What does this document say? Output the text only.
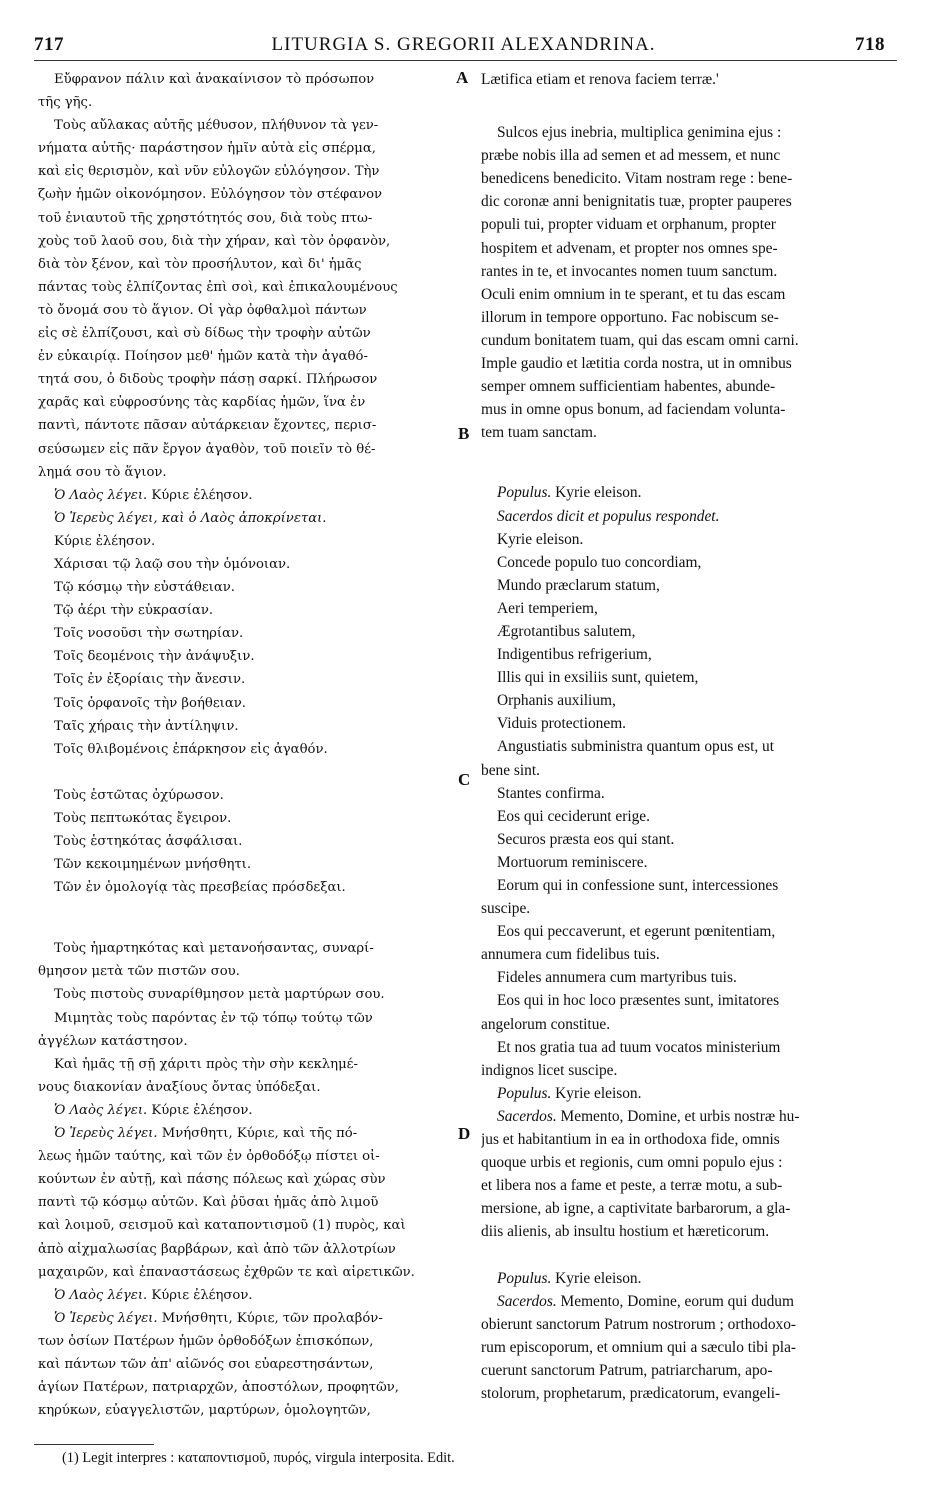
717	LITURGIA S. GREGORII ALEXANDRINA.	718
A
B
C
D
Εὔφρανον πάλιν καὶ ἀνακαίνισον τὸ πρόσωπον
τῆς γῆς.
Τοὺς αὔλακας αὐτῆς μέθυσον, πλήθυνον τὰ γεν-
νήματα αὐτῆς· παράστησον ἡμῖν αὐτὰ εἰς σπέρμα,
καὶ εἰς θερισμὸν, καὶ νῦν εὐλογῶν εὐλόγησον. Τὴν
ζωὴν ἡμῶν οἰκονόμησον. Εὐλόγησον τὸν στέφανον
τοῦ ἐνιαυτοῦ τῆς χρηστότητός σου, διὰ τοὺς πτω-
χοὺς τοῦ λαοῦ σου, διὰ τὴν χήραν, καὶ τὸν ὀρφανὸν,
διὰ τὸν ξένον, καὶ τὸν προσήλυτον, καὶ δι' ἡμᾶς
πάντας τοὺς ἐλπίζοντας ἐπὶ σοὶ, καὶ ἐπικαλουμένους
τὸ ὄνομά σου τὸ ἅγιον. Οἱ γὰρ ὀφθαλμοὶ πάντων
εἰς σὲ ἐλπίζουσι, καὶ σὺ δίδως τὴν τροφὴν αὐτῶν
ἐν εὐκαιρίᾳ. Ποίησον μεθ' ἡμῶν κατὰ τὴν ἀγαθό-
τητά σου, ὁ διδοὺς τροφὴν πάσῃ σαρκί. Πλήρωσον
χαρᾶς καὶ εὐφροσύνης τὰς καρδίας ἡμῶν, ἵνα ἐν
παντὶ, πάντοτε πᾶσαν αὐτάρκειαν ἔχοντες, περισ-
σεύσωμεν εἰς πᾶν ἔργον ἀγαθὸν, τοῦ ποιεῖν τὸ θέ-
λημά σου τὸ ἅγιον.
Ὁ Λαὸς λέγει. Κύριε ἐλέησον.
Ὁ Ἱερεὺς λέγει, καὶ ὁ Λαὸς ἀποκρίνεται.
Κύριε ἐλέησον.
Χάρισαι τῷ λαῷ σου τὴν ὁμόνοιαν.
Τῷ κόσμῳ τὴν εὐστάθειαν.
Τῷ ἀέρι τὴν εὐκρασίαν.
Τοῖς νοσοῦσι τὴν σωτηρίαν.
Τοῖς δεομένοις τὴν ἀνάψυξιν.
Τοῖς ἐν ἐξορίαις τὴν ἄνεσιν.
Τοῖς ὀρφανοῖς τὴν βοήθειαν.
Ταῖς χήραις τὴν ἀντίληψιν.
Τοῖς θλιβομένοις ἐπάρκησον εἰς ἀγαθόν.
Τοὺς ἑστῶτας ὀχύρωσον.
Τοὺς πεπτωκότας ἔγειρον.
Τοὺς ἑστηκότας ἀσφάλισαι.
Τῶν κεκοιμημένων μνήσθητι.
Τῶν ἐν ὁμολογίᾳ τὰς πρεσβείας πρόσδεξαι.
Τοὺς ἡμαρτηκότας καὶ μετανοήσαντας, συναρί-
θμησον μετὰ τῶν πιστῶν σου.
Τοὺς πιστοὺς συναρίθμησον μετὰ μαρτύρων σου.
Μιμητὰς τοὺς παρόντας ἐν τῷ τόπῳ τούτῳ τῶν
ἀγγέλων κατάστησον.
Καὶ ἡμᾶς τῇ σῇ χάριτι πρὸς τὴν σὴν κεκλημέ-
νους διακονίαν ἀναξίους ὄντας ὑπόδεξαι.
Ὁ Λαὸς λέγει. Κύριε ἐλέησον.
Ὁ Ἱερεὺς λέγει. Μνήσθητι, Κύριε, καὶ τῆς πό-
λεως ἡμῶν ταύτης, καὶ τῶν ἐν ὀρθοδόξῳ πίστει οἰ-
κούντων ἐν αὐτῇ, καὶ πάσης πόλεως καὶ χώρας σὺν
παντὶ τῷ κόσμῳ αὐτῶν. Καὶ ῥῦσαι ἡμᾶς ἀπὸ λιμοῦ
καὶ λοιμοῦ, σεισμοῦ καὶ καταποντισμοῦ (1) πυρὸς, καὶ
ἀπὸ αἰχμαλωσίας βαρβάρων, καὶ ἀπὸ τῶν ἀλλοτρίων
μαχαιρῶν, καὶ ἐπαναστάσεως ἐχθρῶν τε καὶ αἱρετικῶν.
Ὁ Λαὸς λέγει. Κύριε ἐλέησον.
Ὁ Ἱερεὺς λέγει. Μνήσθητι, Κύριε, τῶν προλαβόν-
των ὁσίων Πατέρων ἡμῶν ὀρθοδόξων ἐπισκόπων,
καὶ πάντων τῶν ἀπ' αἰῶνός σοι εὐαρεστησάντων,
ἁγίων Πατέρων, πατριαρχῶν, ἀποστόλων, προφητῶν,
κηρύκων, εὐαγγελιστῶν, μαρτύρων, ὁμολογητῶν,
Lætifica etiam et renova faciem terræ.'
Sulcos ejus inebria, multiplica genimina ejus :
præbe nobis illa ad semen et ad messem, et nunc
benedicens benedicito. Vitam nostram rege : bene-
dic coronæ anni benignitatis tuæ, propter pauperes
populi tui, propter viduam et orphanum, propter
hospitem et advenam, et propter nos omnes spe-
rantes in te, et invocantes nomen tuum sanctum.
Oculi enim omnium in te sperant, et tu das escam
illorum in tempore opportuno. Fac nobiscum se-
cundum bonitatem tuam, qui das escam omni carni.
Imple gaudio et lætitia corda nostra, ut in omnibus
semper omnem sufficientiam habentes, abunde-
mus in omne opus bonum, ad faciendam volunta-
tem tuam sanctam.
Populus. Kyrie eleison.
Sacerdos dicit et populus respondet.
Kyrie eleison.
Concede populo tuo concordiam,
Mundo præclarum statum,
Aeri temperiem,
Ægrotantibus salutem,
Indigentibus refrigerium,
Illis qui in exsiliis sunt, quietem,
Orphanis auxilium,
Viduis protectionem.
Angustiatis subministra quantum opus est, ut
bene sint.
Stantes confirma.
Eos qui ceciderunt erige.
Securos præsta eos qui stant.
Mortuorum reminiscere.
Eorum qui in confessione sunt, intercessiones
suscipe.
Eos qui peccaverunt, et egerunt pœnitentiam,
annumera cum fidelibus tuis.
Fideles annumera cum martyribus tuis.
Eos qui in hoc loco præsentes sunt, imitatores
angelorum constitue.
Et nos gratia tua ad tuum vocatos ministerium
indignos licet suscipe.
Populus. Kyrie eleison.
Sacerdos. Memento, Domine, et urbis nostræ hu-
jus et habitantium in ea in orthodoxa fide, omnis
quoque urbis et regionis, cum omni populo ejus :
et libera nos a fame et peste, a terræ motu, a sub-
mersione, ab igne, a captivitate barbarorum, a gla-
diis alienis, ab insultu hostium et hæreticorum.
Populus. Kyrie eleison.
Sacerdos. Memento, Domine, eorum qui dudum
obierunt sanctorum Patrum nostrorum ; orthodoxo-
rum episcoporum, et omnium qui a sæculo tibi pla-
cuerunt sanctorum Patrum, patriarcharum, apo-
stolorum, prophetarum, prædicatorum, evangeli-
(1) Legit interpres : καταποντισμοῦ, πυρός, virgula interposita. Edit.
